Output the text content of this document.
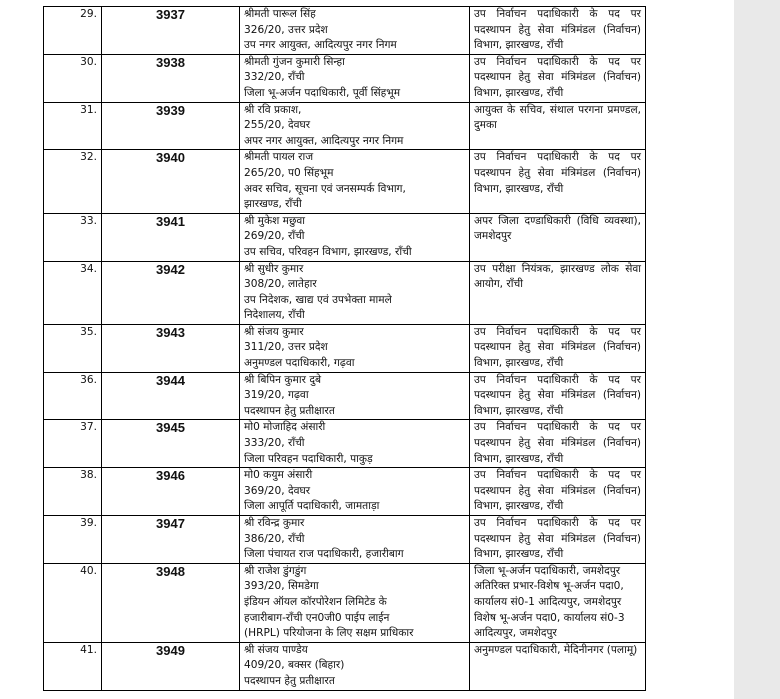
29.	3937	श्रीमती पारूल सिंह
326/20, उत्तर प्रदेश
उप नगर आयुक्त, आदित्यपुर नगर निगम	उप निर्वाचन पदाधिकारी के पद पर पदस्थापन हेतु सेवा मंत्रिमंडल (निर्वाचन) विभाग, झारखण्ड, राँची
30.	3938	श्रीमती गुंजन कुमारी सिन्हा
332/20, राँची
जिला भू-अर्जन पदाधिकारी, पूर्वी सिंहभूम	उप निर्वाचन पदाधिकारी के पद पर पदस्थापन हेतु सेवा मंत्रिमंडल (निर्वाचन) विभाग, झारखण्ड, राँची
31.	3939	श्री रवि प्रकाश,
255/20, देवघर
अपर नगर आयुक्त, आदित्यपुर नगर निगम	आयुक्त के सचिव, संथाल परगना प्रमण्डल, दुमका
32.	3940	श्रीमती पायल राज
265/20, प0 सिंहभूम
अवर सचिव, सूचना एवं जनसम्पर्क विभाग,
झारखण्ड, राँची	उप निर्वाचन पदाधिकारी के पद पर पदस्थापन हेतु सेवा मंत्रिमंडल (निर्वाचन) विभाग, झारखण्ड, राँची
33.	3941	श्री मुकेश मछुवा
269/20, राँची
उप सचिव, परिवहन विभाग, झारखण्ड, राँची	अपर जिला दण्डाधिकारी (विधि व्यवस्था), जमशेदपुर
34.	3942	श्री सुधीर कुमार
308/20, लातेहार
उप निदेशक, खाद्य एवं उपभेक्ता मामले
निदेशालय, राँची	उप परीक्षा नियंत्रक, झारखण्ड लोक सेवा आयोग, राँची
35.	3943	श्री संजय कुमार
311/20, उत्तर प्रदेश
अनुमण्डल पदाधिकारी, गढ़वा	उप निर्वाचन पदाधिकारी के पद पर पदस्थापन हेतु सेवा मंत्रिमंडल (निर्वाचन) विभाग, झारखण्ड, राँची
36.	3944	श्री बिपिन कुमार दुबे
319/20, गढ़वा
पदस्थापन हेतु प्रतीक्षारत	उप निर्वाचन पदाधिकारी के पद पर पदस्थापन हेतु सेवा मंत्रिमंडल (निर्वाचन) विभाग, झारखण्ड, राँची
37.	3945	मो0 मोजाहिद अंसारी
333/20, राँची
जिला परिवहन पदाधिकारी, पाकुड़	उप निर्वाचन पदाधिकारी के पद पर पदस्थापन हेतु सेवा मंत्रिमंडल (निर्वाचन) विभाग, झारखण्ड, राँची
38.	3946	मो0 कयुम अंसारी
369/20, देवघर
जिला आपूर्ति पदाधिकारी, जामताड़ा	उप निर्वाचन पदाधिकारी के पद पर पदस्थापन हेतु सेवा मंत्रिमंडल (निर्वाचन) विभाग, झारखण्ड, राँची
39.	3947	श्री रविन्द्र कुमार
386/20, राँची
जिला पंचायत राज पदाधिकारी, हजारीबाग	उप निर्वाचन पदाधिकारी के पद पर पदस्थापन हेतु सेवा मंत्रिमंडल (निर्वाचन) विभाग, झारखण्ड, राँची
40.	3948	श्री राजेश डुंगडुंग
393/20, सिमडेगा
इंडियन ऑयल कॉरपोरेशन लिमिटेड के
हजारीबाग-राँची एन0जी0 पाईप लाईन
(HRPL) परियोजना के लिए सक्षम प्राधिकार	जिला भू-अर्जन पदाधिकारी, जमशेदपुर
अतिरिक्त प्रभार-विशेष भू-अर्जन पदा0,
कार्यालय सं0-1 आदित्यपुर, जमशेदपुर
विशेष भू-अर्जन पदा0, कार्यालय सं0-3
आदित्यपुर, जमशेदपुर

41.	3949	श्री संजय पाण्डेय
409/20, बक्सर (बिहार)
पदस्थापन हेतु प्रतीक्षारत	अनुमण्डल पदाधिकारी, मेदिनीनगर (पलामू)
